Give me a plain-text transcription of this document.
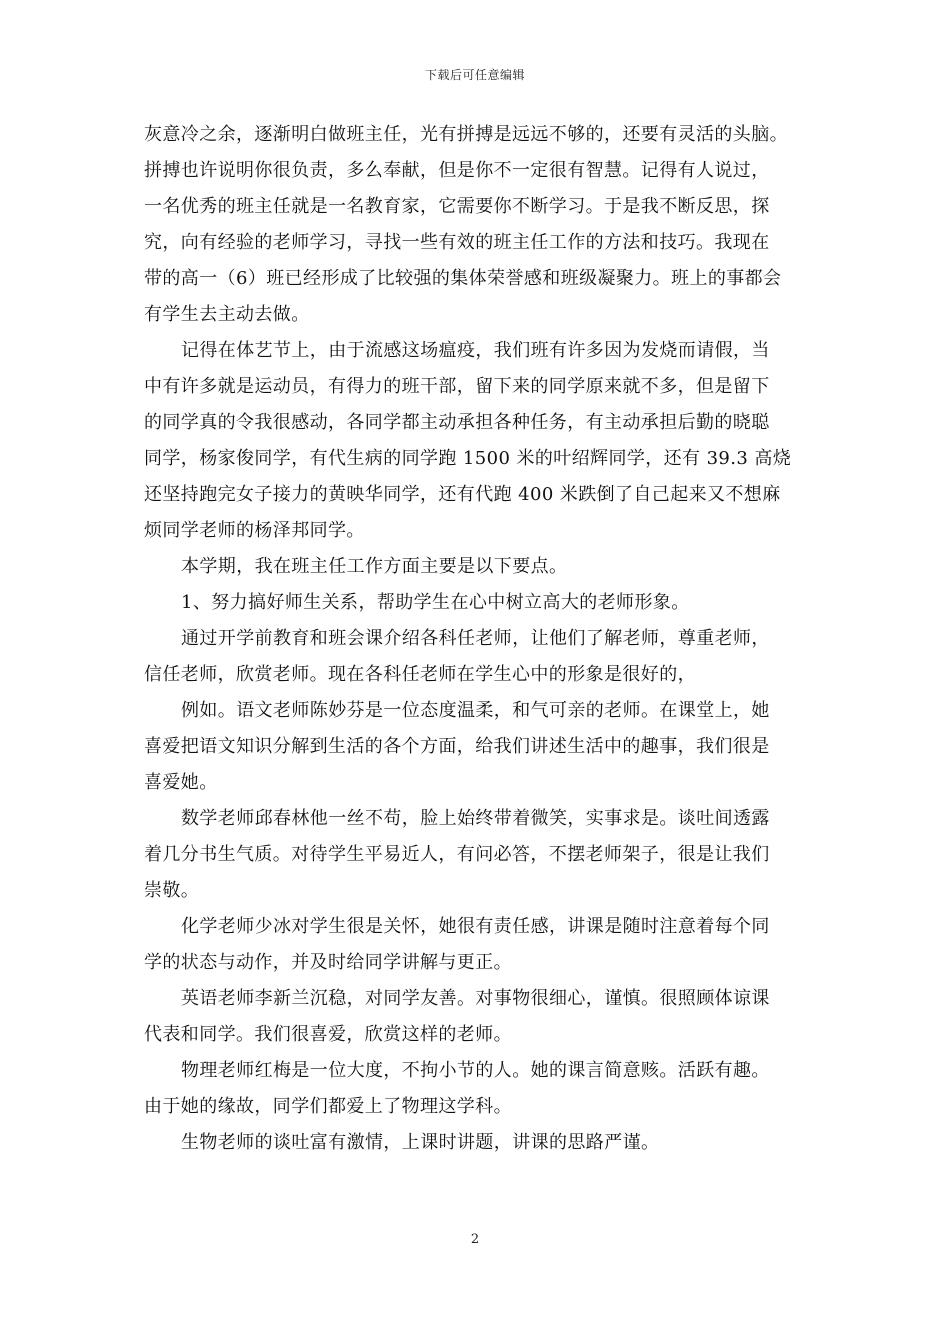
下载后可任意编辑
灰意冷之余，逐渐明白做班主任，光有拼搏是远远不够的，还要有灵活的头脑。
拼搏也许说明你很负责，多么奉献，但是你不一定很有智慧。记得有人说过，
一名优秀的班主任就是一名教育家，它需要你不断学习。于是我不断反思，探
究，向有经验的老师学习，寻找一些有效的班主任工作的方法和技巧。我现在
带的高一（6）班已经形成了比较强的集体荣誉感和班级凝聚力。班上的事都会
有学生去主动去做。
记得在体艺节上，由于流感这场瘟疫，我们班有许多因为发烧而请假，当
中有许多就是运动员，有得力的班干部，留下来的同学原来就不多，但是留下
的同学真的令我很感动，各同学都主动承担各种任务，有主动承担后勤的晓聪
同学，杨家俊同学，有代生病的同学跑 1500 米的叶绍辉同学，还有 39.3 高烧
还坚持跑完女子接力的黄映华同学，还有代跑 400 米跌倒了自己起来又不想麻
烦同学老师的杨泽邦同学。
本学期，我在班主任工作方面主要是以下要点。
1、努力搞好师生关系，帮助学生在心中树立高大的老师形象。
通过开学前教育和班会课介绍各科任老师，让他们了解老师，尊重老师，
信任老师，欣赏老师。现在各科任老师在学生心中的形象是很好的，
例如。语文老师陈妙芬是一位态度温柔，和气可亲的老师。在课堂上，她
喜爱把语文知识分解到生活的各个方面，给我们讲述生活中的趣事，我们很是
喜爱她。
数学老师邱春林他一丝不苟，脸上始终带着微笑，实事求是。谈吐间透露
着几分书生气质。对待学生平易近人，有问必答，不摆老师架子，很是让我们
崇敬。
化学老师少冰对学生很是关怀，她很有责任感，讲课是随时注意着每个同
学的状态与动作，并及时给同学讲解与更正。
英语老师李新兰沉稳，对同学友善。对事物很细心，谨慎。很照顾体谅课
代表和同学。我们很喜爱，欣赏这样的老师。
物理老师红梅是一位大度，不拘小节的人。她的课言简意赅。活跃有趣。
由于她的缘故，同学们都爱上了物理这学科。
生物老师的谈吐富有激情，上课时讲题，讲课的思路严谨。
2
